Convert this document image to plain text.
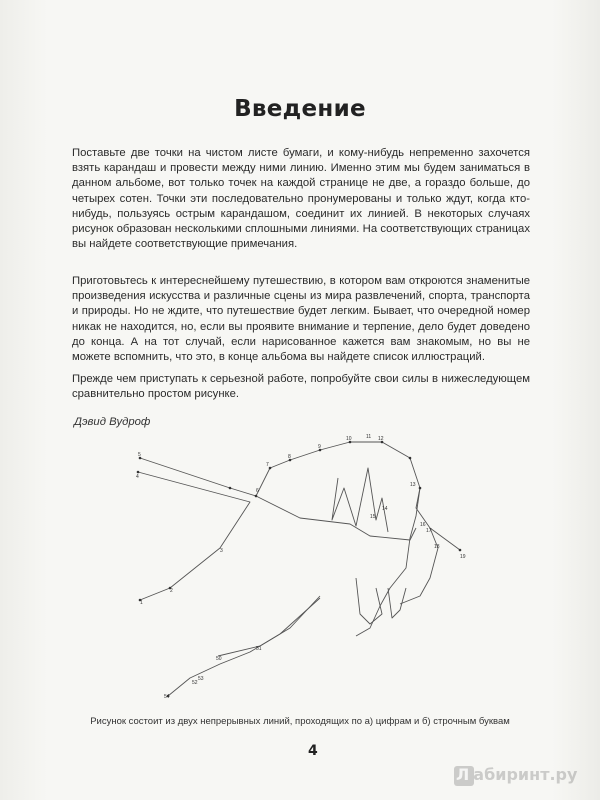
Введение
Поставьте две точки на чистом листе бумаги, и кому-нибудь непременно захочется взять карандаш и провести между ними линию. Именно этим мы будем заниматься в данном альбоме, вот только точек на каждой странице не две, а гораздо больше, до четырех сотен. Точки эти последовательно пронумерованы и только ждут, когда кто-нибудь, пользуясь острым карандашом, соединит их линией. В некоторых случаях рисунок образован несколькими сплошными линиями. На соответствующих страницах вы найдете соответствующие примечания.
Приготовьтесь к интереснейшему путешествию, в котором вам откроются знаменитые произведения искусства и различные сцены из мира развлечений, спорта, транспорта и природы. Но не ждите, что путешествие будет легким. Бывает, что очередной номер никак не находится, но, если вы проявите внимание и терпение, дело будет доведено до конца. А на тот случай, если нарисованное кажется вам знакомым, но вы не можете вспомнить, что это, в конце альбома вы найдете список иллюстраций.
Прежде чем приступать к серьезной работе, попробуйте свои силы в нижеследующем сравнительно простом рисунке.
Дэвид Вудроф
1
2
3
4
5
6
7
8
9
10	11 12
13
14
15
16
17
18
19
50
51
52
53
54
Рисунок состоит из двух непрерывных линий, проходящих по а) цифрам и б) строчным буквам
4
Л абиринт.ру
